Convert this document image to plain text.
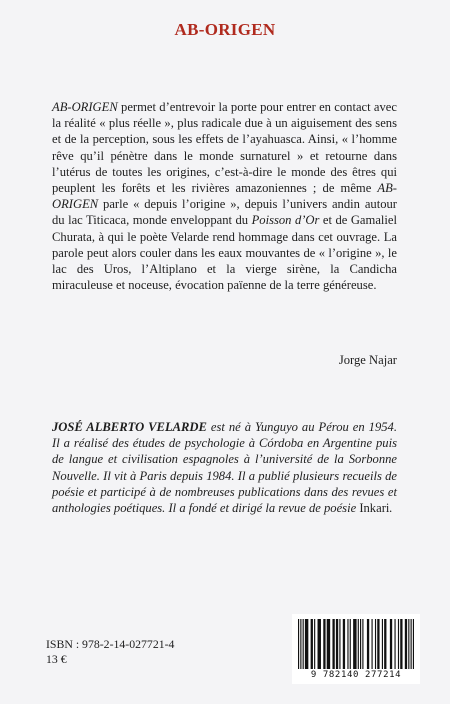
AB-ORIGEN

AB-ORIGEN permet d’entrevoir la porte pour entrer en contact avec la réalité « plus réelle », plus radicale due à un aiguisement des sens et de la perception, sous les effets de l’ayahuasca. Ainsi, « l’homme rêve qu’il pénètre dans le monde surnaturel » et retourne dans l’utérus de toutes les origines, c’est-à-dire le monde des êtres qui peuplent les forêts et les rivières amazoniennes ; de même AB-ORIGEN parle « depuis l’origine », depuis l’univers andin autour du lac Titicaca, monde enveloppant du Poisson d’Or et de Gamaliel Churata, à qui le poète Velarde rend hommage dans cet ouvrage. La parole peut alors couler dans les eaux mouvantes de « l’origine », le lac des Uros, l’Altiplano et la vierge sirène, la Candicha miraculeuse et noceuse, évocation païenne de la terre généreuse.

Jorge Najar

JOSÉ ALBERTO VELARDE est né à Yunguyo au Pérou en 1954. Il a réalisé des études de psychologie à Córdoba en Argentine puis de langue et civilisation espagnoles à l’université de la Sorbonne Nouvelle. Il vit à Paris depuis 1984. Il a publié plusieurs recueils de poésie et participé à de nombreuses publications dans des revues et anthologies poétiques. Il a fondé et dirigé la revue de poésie Inkari.

ISBN : 978-2-14-027721-4
13 €
9 782140 277214
